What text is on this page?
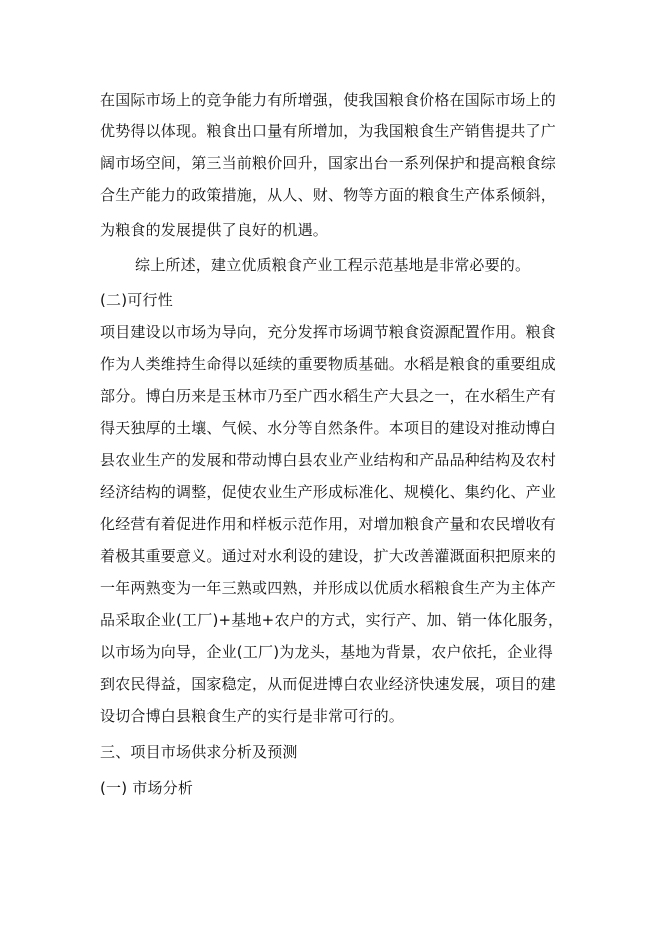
在国际市场上的竞争能力有所增强，使我国粮食价格在国际市场上的
优势得以体现。粮食出口量有所增加，为我国粮食生产销售提共了广
阔市场空间，第三当前粮价回升，国家出台一系列保护和提高粮食综
合生产能力的政策措施，从人、财、物等方面的粮食生产体系倾斜，
为粮食的发展提供了良好的机遇。
综上所述，建立优质粮食产业工程示范基地是非常必要的。
(二)可行性
项目建设以市场为导向，充分发挥市场调节粮食资源配置作用。粮食
作为人类维持生命得以延续的重要物质基础。水稻是粮食的重要组成
部分。博白历来是玉林市乃至广西水稻生产大县之一，在水稻生产有
得天独厚的土壤、气候、水分等自然条件。本项目的建设对推动博白
县农业生产的发展和带动博白县农业产业结构和产品品种结构及农村
经济结构的调整，促使农业生产形成标准化、规模化、集约化、产业
化经营有着促进作用和样板示范作用，对增加粮食产量和农民增收有
着极其重要意义。通过对水利设的建设，扩大改善灌溉面积把原来的
一年两熟变为一年三熟或四熟，并形成以优质水稻粮食生产为主体产
品采取企业(工厂)+基地+农户的方式，实行产、加、销一体化服务，
以市场为向导，企业(工厂)为龙头，基地为背景，农户依托，企业得
到农民得益，国家稳定，从而促进博白农业经济快速发展，项目的建
设切合博白县粮食生产的实行是非常可行的。
三、项目市场供求分析及预测
(一) 市场分析
